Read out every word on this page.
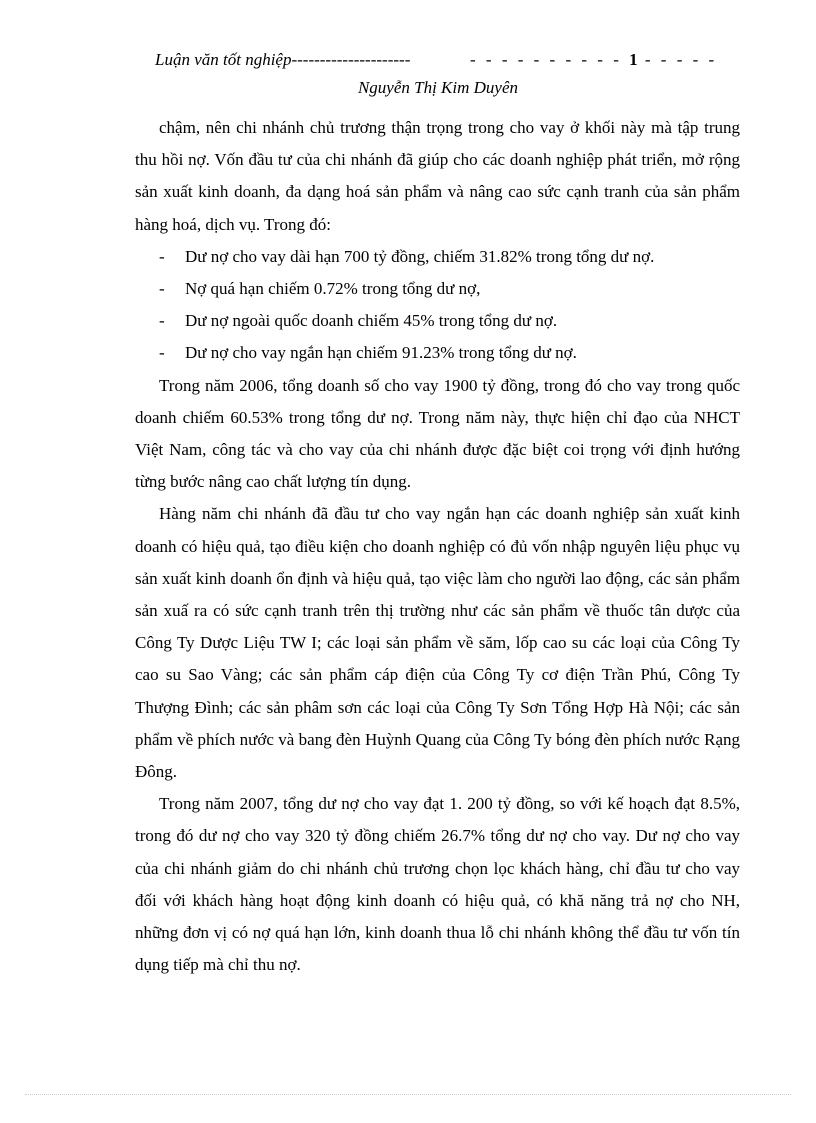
Luận văn tốt nghiệp---------------------	- - - - - - - - - - 1 - - - - -
Nguyễn Thị Kim Duyên

chậm, nên chi nhánh chủ trương thận trọng trong cho vay ở khối này mà tập trung thu hồi nợ. Vốn đầu tư của chi nhánh đã giúp cho các doanh nghiệp phát triển, mở rộng sản xuất kinh doanh, đa dạng hoá sản phẩm và nâng cao sức cạnh tranh của sản phẩm hàng hoá, dịch vụ. Trong đó:

- Dư nợ cho vay dài hạn 700 tỷ đồng, chiếm 31.82% trong tổng dư nợ.
- Nợ quá hạn chiếm 0.72% trong tổng dư nợ,
- Dư nợ ngoài quốc doanh chiếm 45% trong tổng dư nợ.
- Dư nợ cho vay ngắn hạn chiếm 91.23% trong tổng dư nợ.

Trong năm 2006, tổng doanh số cho vay 1900 tỷ đồng, trong đó cho vay trong quốc doanh chiếm 60.53% trong tổng dư nợ. Trong năm này, thực hiện chỉ đạo của NHCT Việt Nam, công tác và cho vay của chi nhánh được đặc biệt coi trọng với định hướng từng bước nâng cao chất lượng tín dụng.

Hàng năm chi nhánh đã đầu tư cho vay ngắn hạn các doanh nghiệp sản xuất kinh doanh có hiệu quả, tạo điều kiện cho doanh nghiệp có đủ vốn nhập nguyên liệu phục vụ sản xuất kinh doanh ổn định và hiệu quả, tạo việc làm cho người lao động, các sản phẩm sản xuấ ra có sức cạnh tranh trên thị trường như các sản phẩm về thuốc tân dược của Công Ty Dược Liệu TW I; các loại sản phẩm về săm, lốp cao su các loại của Công Ty cao su Sao Vàng; các sản phẩm cáp điện của Công Ty cơ điện Trần Phú, Công Ty Thượng Đình; các sản phâm sơn các loại của Công Ty Sơn Tổng Hợp Hà Nội; các sản phẩm về phích nước và bang đèn Huỳnh Quang của Công Ty bóng đèn phích nước Rạng Đông.

Trong năm 2007, tổng dư nợ cho vay đạt 1. 200 tỷ đồng, so với kế hoạch đạt 8.5%, trong đó dư nợ cho vay 320 tỷ đồng chiếm 26.7% tổng dư nợ cho vay. Dư nợ cho vay của chi nhánh giảm do chi nhánh chủ trương chọn lọc khách hàng, chỉ đầu tư cho vay đối với khách hàng hoạt động kinh doanh có hiệu quả, có khă năng trả nợ cho NH, những đơn vị có nợ quá hạn lớn, kinh doanh thua lỗ chi nhánh không thể đầu tư vốn tín dụng tiếp mà chỉ thu nợ.
